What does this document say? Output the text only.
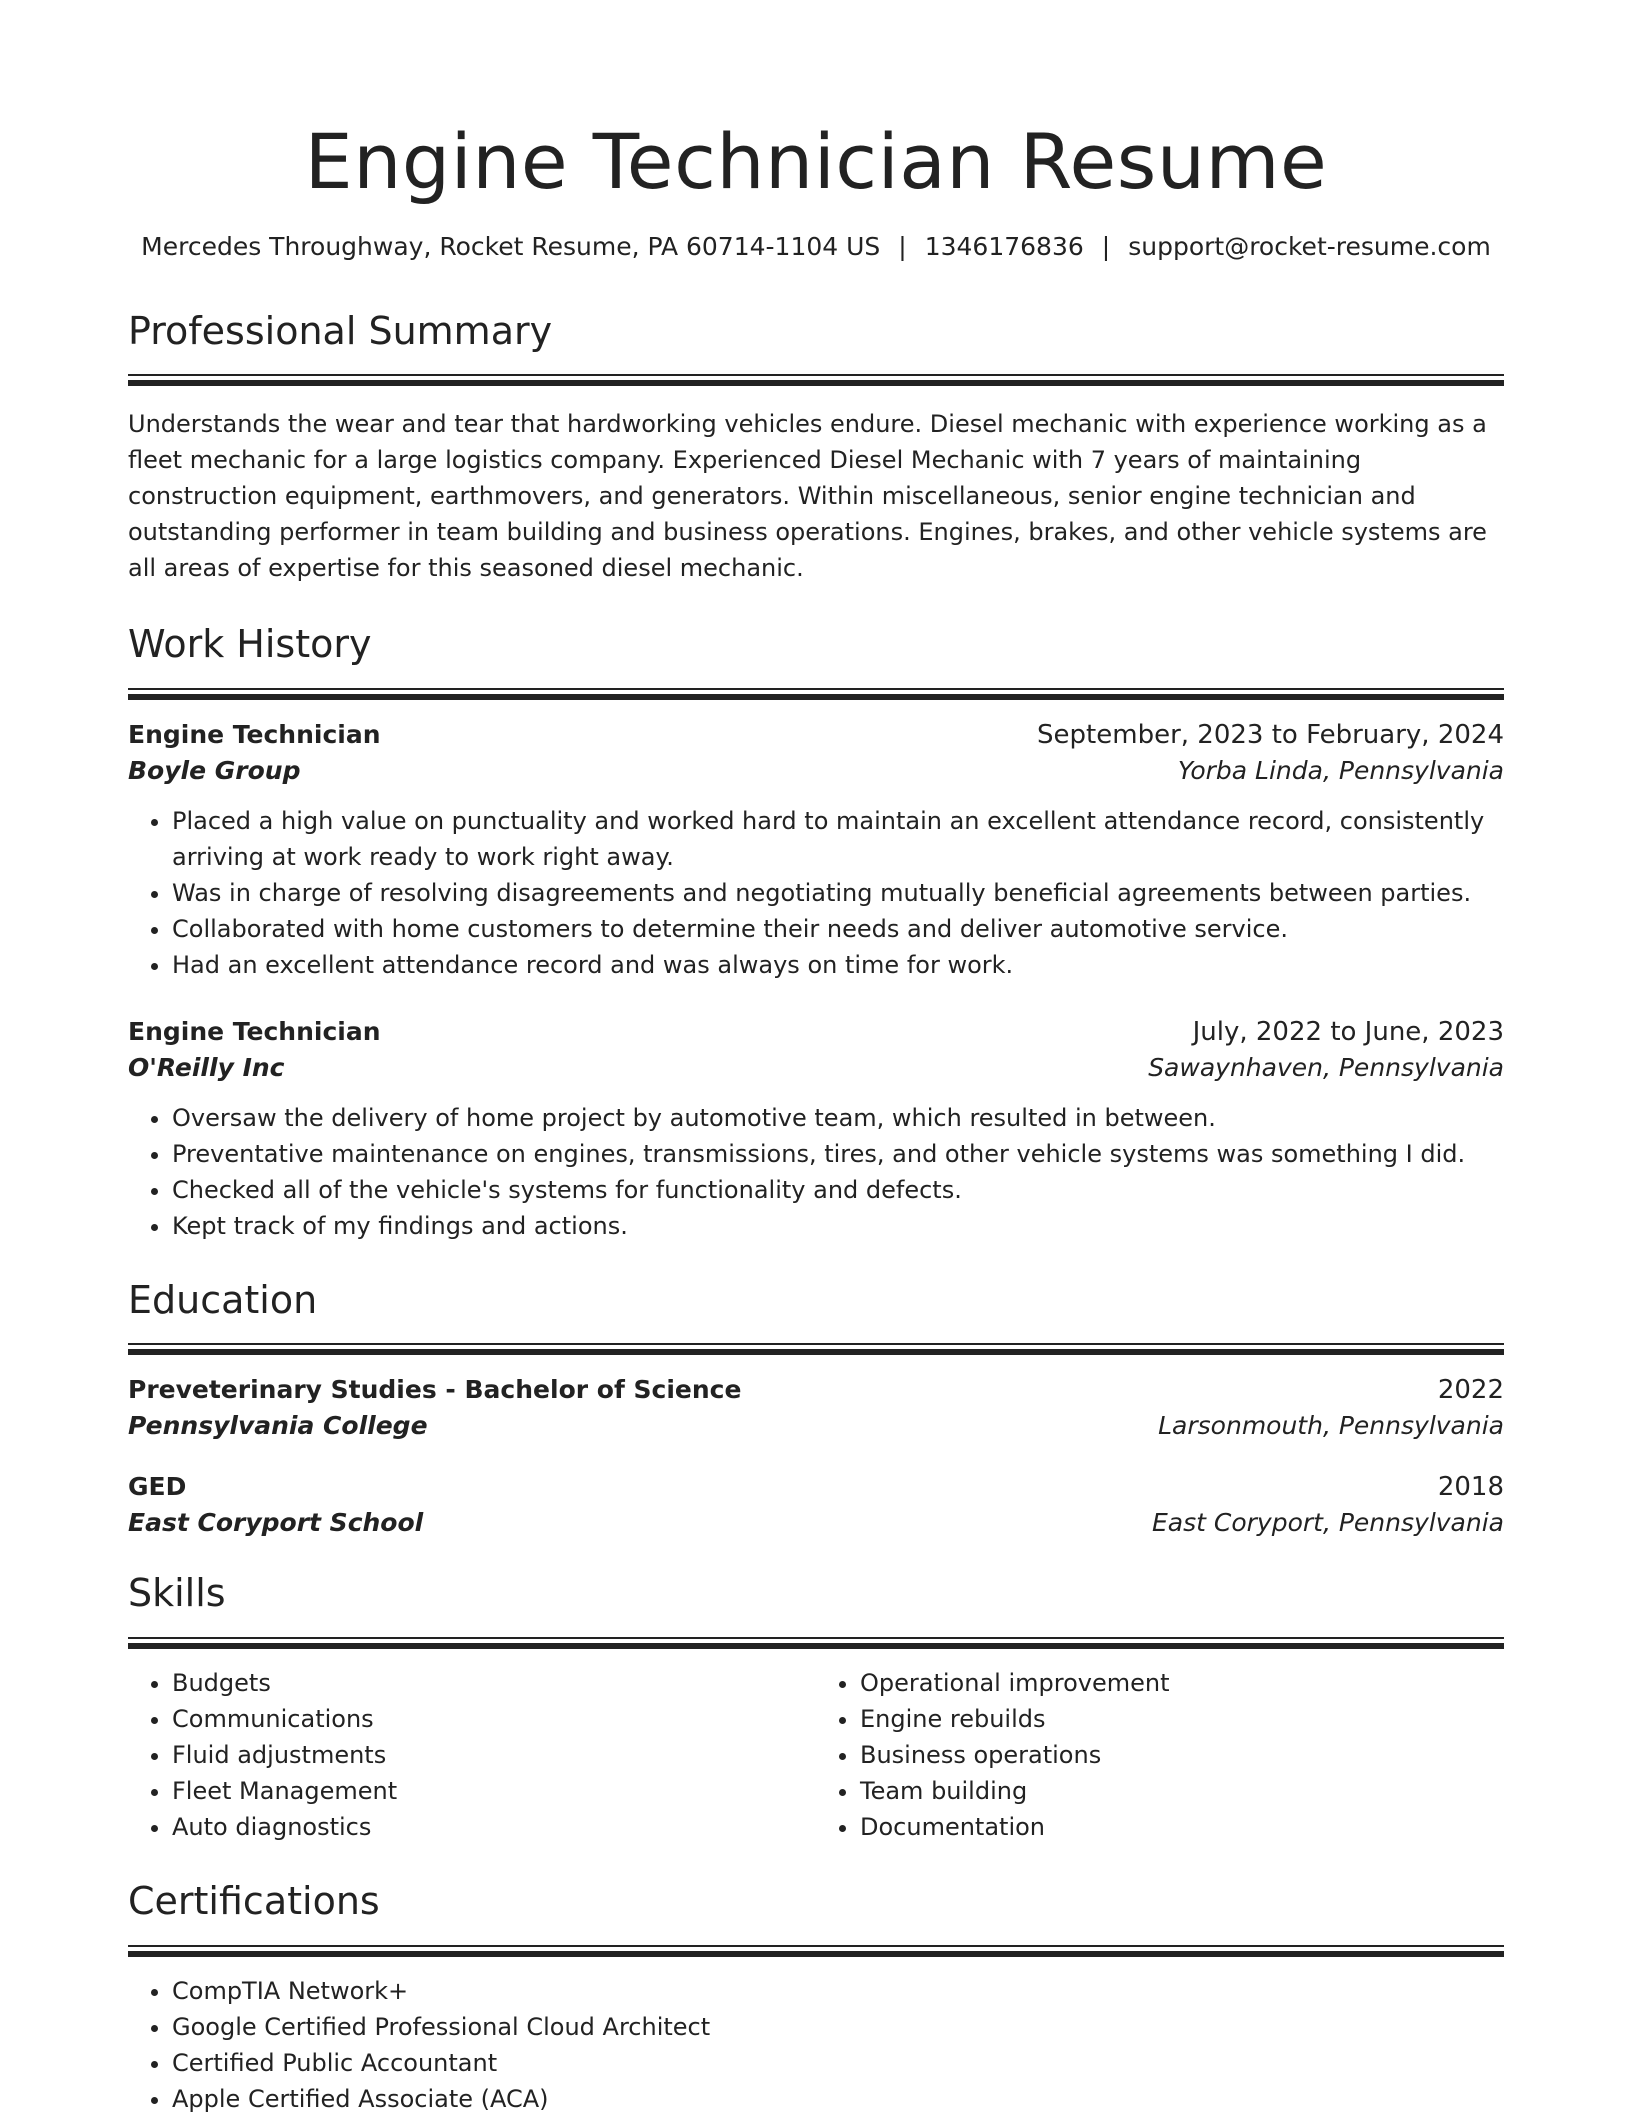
Engine Technician Resume
Mercedes Throughway, Rocket Resume, PA 60714-1104 US | 1346176836 | support@rocket-resume.com
Professional Summary

Understands the wear and tear that hardworking vehicles endure. Diesel mechanic with experience working as a fleet mechanic for a large logistics company. Experienced Diesel Mechanic with 7 years of maintaining construction equipment, earthmovers, and generators. Within miscellaneous, senior engine technician and outstanding performer in team building and business operations. Engines, brakes, and other vehicle systems are all areas of expertise for this seasoned diesel mechanic.

Work History
Engine Technician	September, 2023 to February, 2024
Boyle Group	Yorba Linda, Pennsylvania
• Placed a high value on punctuality and worked hard to maintain an excellent attendance record, consistently arriving at work ready to work right away.
• Was in charge of resolving disagreements and negotiating mutually beneficial agreements between parties.
• Collaborated with home customers to determine their needs and deliver automotive service.
• Had an excellent attendance record and was always on time for work.
Engine Technician	July, 2022 to June, 2023
O'Reilly Inc	Sawaynhaven, Pennsylvania
• Oversaw the delivery of home project by automotive team, which resulted in between.
• Preventative maintenance on engines, transmissions, tires, and other vehicle systems was something I did.
• Checked all of the vehicle's systems for functionality and defects.
• Kept track of my findings and actions.
Education
Preveterinary Studies - Bachelor of Science	2022
Pennsylvania College	Larsonmouth, Pennsylvania
GED	2018
East Coryport School	East Coryport, Pennsylvania
Skills
• Budgets
• Communications
• Fluid adjustments
• Fleet Management
• Auto diagnostics
• Operational improvement
• Engine rebuilds
• Business operations
• Team building
• Documentation
Certifications
• CompTIA Network+
• Google Certified Professional Cloud Architect
• Certified Public Accountant
• Apple Certified Associate (ACA)
